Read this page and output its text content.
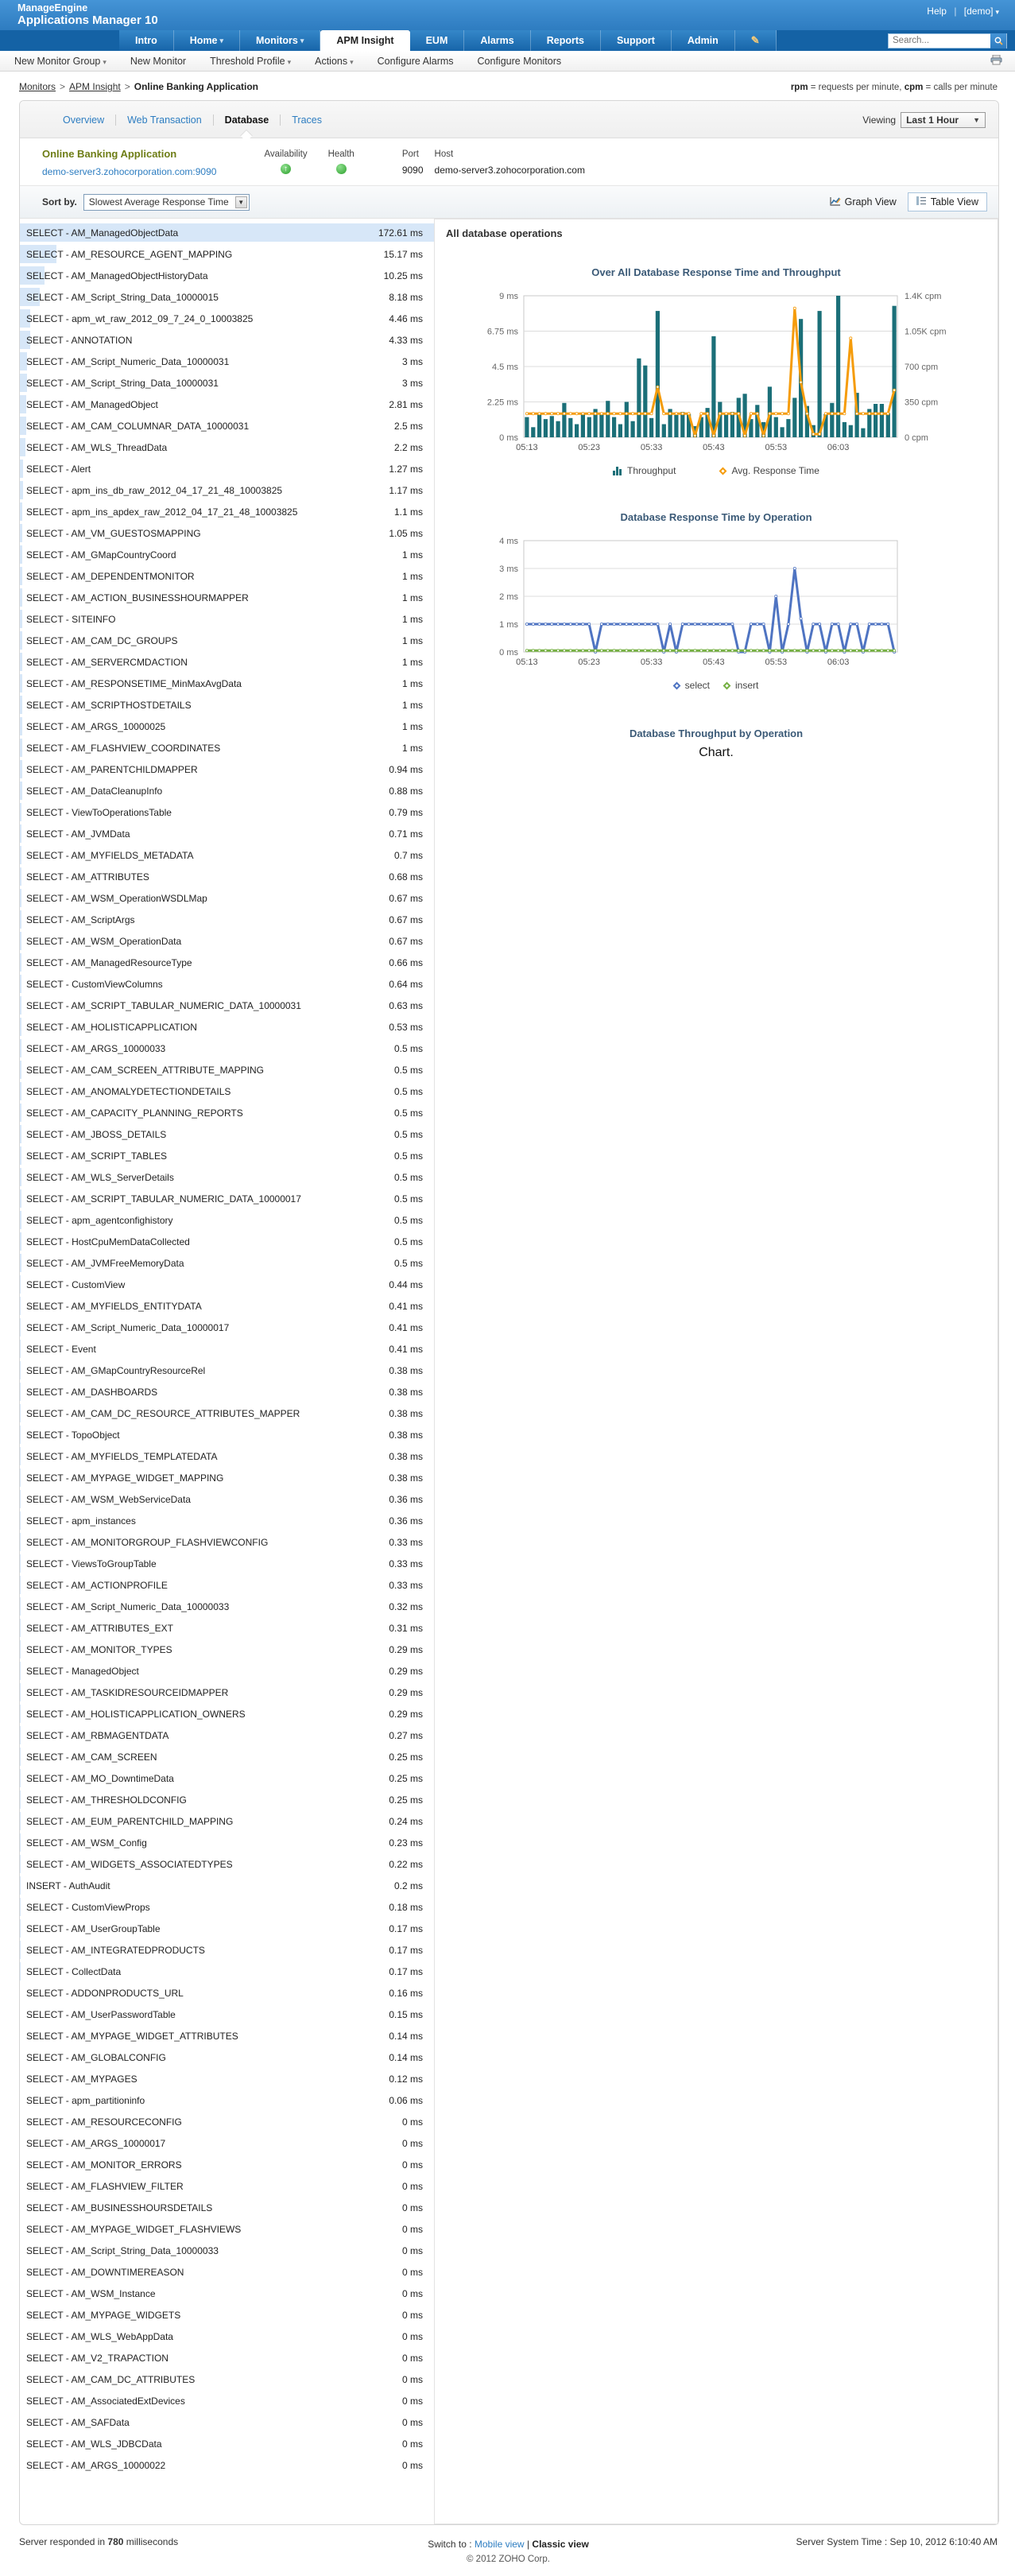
ManageEngine
Applications Manager 10
Help | [demo] ▾
Intro	Home ▾	Monitors ▾	APM Insight	EUM	Alarms	Reports	Support	Admin	✎
Search...
New Monitor Group ▾ New Monitor Threshold Profile ▾ Actions ▾ Configure Alarms Configure Monitors
Monitors > APM Insight > Online Banking Application	rpm = requests per minute, cpm = calls per minute
Overview	Web Transaction	Database	Traces	Viewing Last 1 Hour ▼
Online Banking Application
demo-server3.zohocorporation.com:9090
Availability
↑
Health	Port
9090
Host
demo-server3.zohocorporation.com
Sort by. Slowest Average Response Time	▼	Graph View	Table View
SELECT - AM_ManagedObjectData	172.61 ms
SELECT - AM_RESOURCE_AGENT_MAPPING	15.17 ms
SELECT - AM_ManagedObjectHistoryData	10.25 ms
SELECT - AM_Script_String_Data_10000015	8.18 ms
SELECT - apm_wt_raw_2012_09_7_24_0_10003825	4.46 ms
SELECT - ANNOTATION	4.33 ms
SELECT - AM_Script_Numeric_Data_10000031	3 ms
SELECT - AM_Script_String_Data_10000031	3 ms
SELECT - AM_ManagedObject	2.81 ms
SELECT - AM_CAM_COLUMNAR_DATA_10000031	2.5 ms
SELECT - AM_WLS_ThreadData	2.2 ms
SELECT - Alert	1.27 ms
SELECT - apm_ins_db_raw_2012_04_17_21_48_10003825	1.17 ms
SELECT - apm_ins_apdex_raw_2012_04_17_21_48_10003825	1.1 ms
SELECT - AM_VM_GUESTOSMAPPING	1.05 ms
SELECT - AM_GMapCountryCoord	1 ms
SELECT - AM_DEPENDENTMONITOR	1 ms
SELECT - AM_ACTION_BUSINESSHOURMAPPER	1 ms
SELECT - SITEINFO	1 ms
SELECT - AM_CAM_DC_GROUPS	1 ms
SELECT - AM_SERVERCMDACTION	1 ms
SELECT - AM_RESPONSETIME_MinMaxAvgData	1 ms
SELECT - AM_SCRIPTHOSTDETAILS	1 ms
SELECT - AM_ARGS_10000025	1 ms
SELECT - AM_FLASHVIEW_COORDINATES	1 ms
SELECT - AM_PARENTCHILDMAPPER	0.94 ms
SELECT - AM_DataCleanupInfo	0.88 ms
SELECT - ViewToOperationsTable	0.79 ms
SELECT - AM_JVMData	0.71 ms
SELECT - AM_MYFIELDS_METADATA	0.7 ms
SELECT - AM_ATTRIBUTES	0.68 ms
SELECT - AM_WSM_OperationWSDLMap	0.67 ms
SELECT - AM_ScriptArgs	0.67 ms
SELECT - AM_WSM_OperationData	0.67 ms
SELECT - AM_ManagedResourceType	0.66 ms
SELECT - CustomViewColumns	0.64 ms
SELECT - AM_SCRIPT_TABULAR_NUMERIC_DATA_10000031	0.63 ms
SELECT - AM_HOLISTICAPPLICATION	0.53 ms
SELECT - AM_ARGS_10000033	0.5 ms
SELECT - AM_CAM_SCREEN_ATTRIBUTE_MAPPING	0.5 ms
SELECT - AM_ANOMALYDETECTIONDETAILS	0.5 ms
SELECT - AM_CAPACITY_PLANNING_REPORTS	0.5 ms
SELECT - AM_JBOSS_DETAILS	0.5 ms
SELECT - AM_SCRIPT_TABLES	0.5 ms
SELECT - AM_WLS_ServerDetails	0.5 ms
SELECT - AM_SCRIPT_TABULAR_NUMERIC_DATA_10000017	0.5 ms
SELECT - apm_agentconfighistory	0.5 ms
SELECT - HostCpuMemDataCollected	0.5 ms
SELECT - AM_JVMFreeMemoryData	0.5 ms
SELECT - CustomView	0.44 ms
SELECT - AM_MYFIELDS_ENTITYDATA	0.41 ms
SELECT - AM_Script_Numeric_Data_10000017	0.41 ms
SELECT - Event	0.41 ms
SELECT - AM_GMapCountryResourceRel	0.38 ms
SELECT - AM_DASHBOARDS	0.38 ms
SELECT - AM_CAM_DC_RESOURCE_ATTRIBUTES_MAPPER	0.38 ms
SELECT - TopoObject	0.38 ms
SELECT - AM_MYFIELDS_TEMPLATEDATA	0.38 ms
SELECT - AM_MYPAGE_WIDGET_MAPPING	0.38 ms
SELECT - AM_WSM_WebServiceData	0.36 ms
SELECT - apm_instances	0.36 ms
SELECT - AM_MONITORGROUP_FLASHVIEWCONFIG	0.33 ms
SELECT - ViewsToGroupTable	0.33 ms
SELECT - AM_ACTIONPROFILE	0.33 ms
SELECT - AM_Script_Numeric_Data_10000033	0.32 ms
SELECT - AM_ATTRIBUTES_EXT	0.31 ms
SELECT - AM_MONITOR_TYPES	0.29 ms
SELECT - ManagedObject	0.29 ms
SELECT - AM_TASKIDRESOURCEIDMAPPER	0.29 ms
SELECT - AM_HOLISTICAPPLICATION_OWNERS	0.29 ms
SELECT - AM_RBMAGENTDATA	0.27 ms
SELECT - AM_CAM_SCREEN	0.25 ms
SELECT - AM_MO_DowntimeData	0.25 ms
SELECT - AM_THRESHOLDCONFIG	0.25 ms
SELECT - AM_EUM_PARENTCHILD_MAPPING	0.24 ms
SELECT - AM_WSM_Config	0.23 ms
SELECT - AM_WIDGETS_ASSOCIATEDTYPES	0.22 ms
INSERT - AuthAudit	0.2 ms
SELECT - CustomViewProps	0.18 ms
SELECT - AM_UserGroupTable	0.17 ms
SELECT - AM_INTEGRATEDPRODUCTS	0.17 ms
SELECT - CollectData	0.17 ms
SELECT - ADDONPRODUCTS_URL	0.16 ms
SELECT - AM_UserPasswordTable	0.15 ms
SELECT - AM_MYPAGE_WIDGET_ATTRIBUTES	0.14 ms
SELECT - AM_GLOBALCONFIG	0.14 ms
SELECT - AM_MYPAGES	0.12 ms
SELECT - apm_partitioninfo	0.06 ms
SELECT - AM_RESOURCECONFIG	0 ms
SELECT - AM_ARGS_10000017	0 ms
SELECT - AM_MONITOR_ERRORS	0 ms
SELECT - AM_FLASHVIEW_FILTER	0 ms
SELECT - AM_BUSINESSHOURSDETAILS	0 ms
SELECT - AM_MYPAGE_WIDGET_FLASHVIEWS	0 ms
SELECT - AM_Script_String_Data_10000033	0 ms
SELECT - AM_DOWNTIMEREASON	0 ms
SELECT - AM_WSM_Instance	0 ms
SELECT - AM_MYPAGE_WIDGETS	0 ms
SELECT - AM_WLS_WebAppData	0 ms
SELECT - AM_V2_TRAPACTION	0 ms
SELECT - AM_CAM_DC_ATTRIBUTES	0 ms
SELECT - AM_AssociatedExtDevices	0 ms
SELECT - AM_SAFData	0 ms
SELECT - AM_WLS_JDBCData	0 ms
SELECT - AM_ARGS_10000022	0 ms
All database operations
Over All Database Response Time and Throughput
9 ms
6.75 ms
4.5 ms
2.25 ms
0 ms
1.4K cpm
1.05K cpm
700 cpm
350 cpm
0 cpm
05:13	05:23	05:33	05:43	05:53	06:03
Throughput	Avg. Response Time
Database Response Time by Operation
4 ms
3 ms
2 ms
1 ms
0 ms
05:13	05:23	05:33	05:43	05:53	06:03
select	insert
Database Throughput by Operation
Chart.
Server responded in 780 milliseconds	Switch to : Mobile view | Classic view
© 2012 ZOHO Corp.
Server System Time : Sep 10, 2012 6:10:40 AM
